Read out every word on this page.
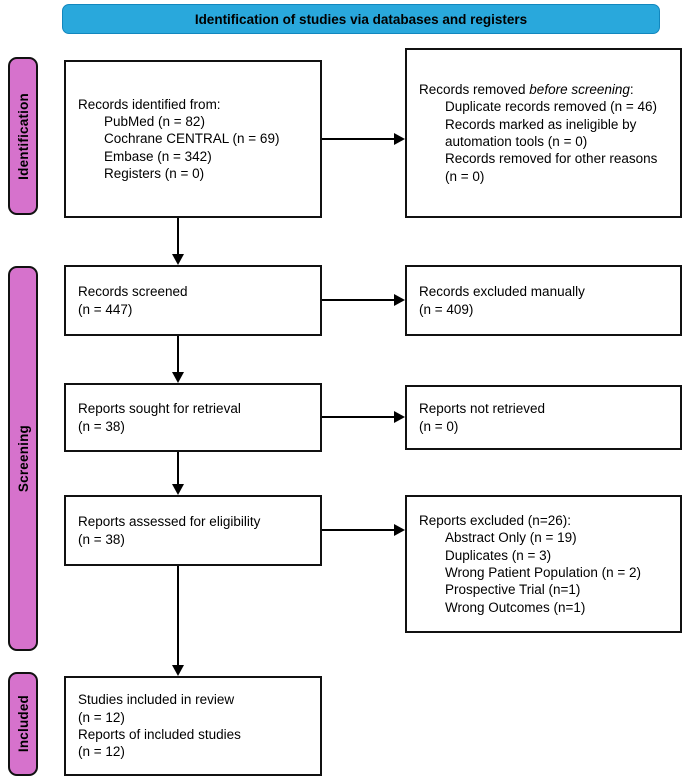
Identification of studies via databases and registers
Identification
Screening
Included
Records identified from:
PubMed (n = 82)
Cochrane CENTRAL (n = 69)
Embase (n = 342)
Registers (n = 0)
Records removed before screening:
Duplicate records removed (n = 46)
Records marked as ineligible by automation tools (n = 0)
Records removed for other reasons (n = 0)
Records screened
(n = 447)
Records excluded manually
(n = 409)
Reports sought for retrieval
(n = 38)
Reports not retrieved
(n = 0)
Reports assessed for eligibility
(n = 38)
Reports excluded (n=26):
Abstract Only (n = 19)
Duplicates (n = 3)
Wrong Patient Population (n = 2)
Prospective Trial (n=1)
Wrong Outcomes (n=1)
Studies included in review
(n = 12)
Reports of included studies
(n = 12)
